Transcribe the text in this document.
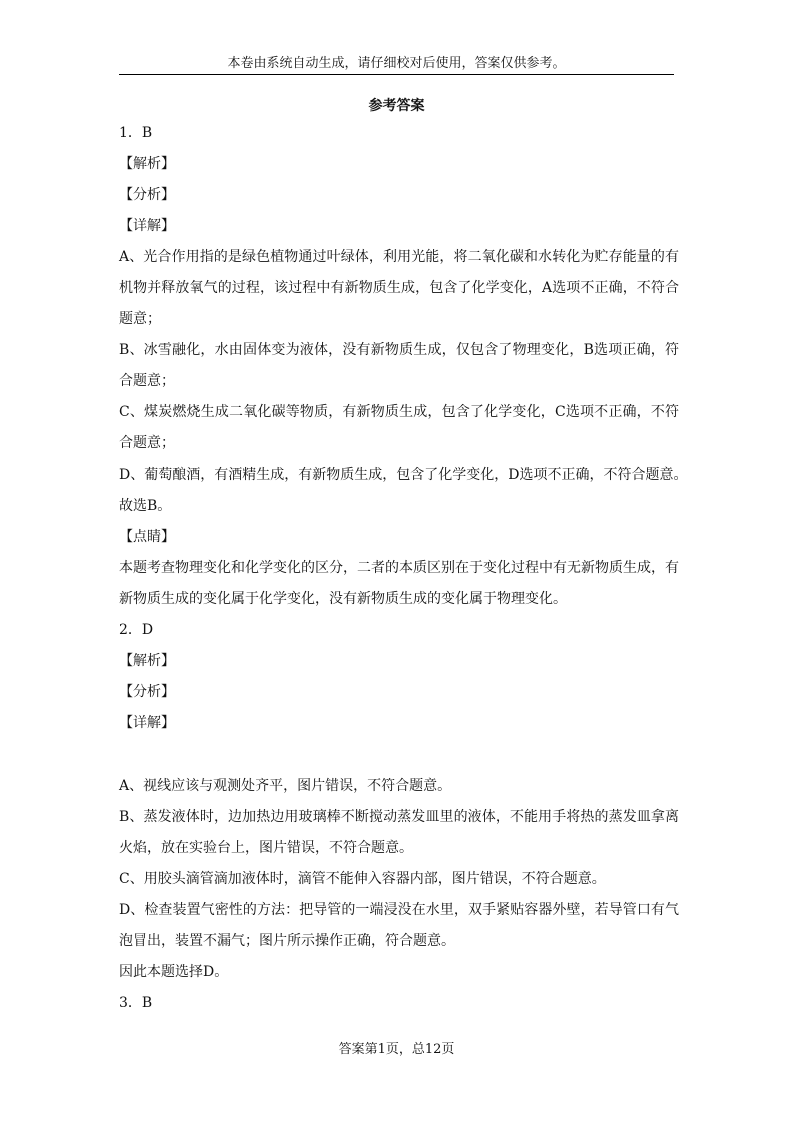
本卷由系统自动生成，请仔细校对后使用，答案仅供参考。
参考答案
1．B
【解析】
【分析】
【详解】
A、光合作用指的是绿色植物通过叶绿体，利用光能，将二氧化碳和水转化为贮存能量的有
机物并释放氧气的过程，该过程中有新物质生成，包含了化学变化，A选项不正确，不符合
题意；
B、冰雪融化，水由固体变为液体，没有新物质生成，仅包含了物理变化，B选项正确，符
合题意；
C、煤炭燃烧生成二氧化碳等物质，有新物质生成，包含了化学变化，C选项不正确，不符
合题意；
D、葡萄酿酒，有酒精生成，有新物质生成，包含了化学变化，D选项不正确，不符合题意。
故选B。
【点睛】
本题考查物理变化和化学变化的区分，二者的本质区别在于变化过程中有无新物质生成，有
新物质生成的变化属于化学变化，没有新物质生成的变化属于物理变化。
2．D
【解析】
【分析】
【详解】
A、视线应该与观测处齐平，图片错误，不符合题意。
B、蒸发液体时，边加热边用玻璃棒不断搅动蒸发皿里的液体，不能用手将热的蒸发皿拿离
火焰，放在实验台上，图片错误，不符合题意。
C、用胶头滴管滴加液体时，滴管不能伸入容器内部，图片错误，不符合题意。
D、检查装置气密性的方法：把导管的一端浸没在水里，双手紧贴容器外壁，若导管口有气
泡冒出，装置不漏气；图片所示操作正确，符合题意。
因此本题选择D。
3．B
答案第1页，总12页
